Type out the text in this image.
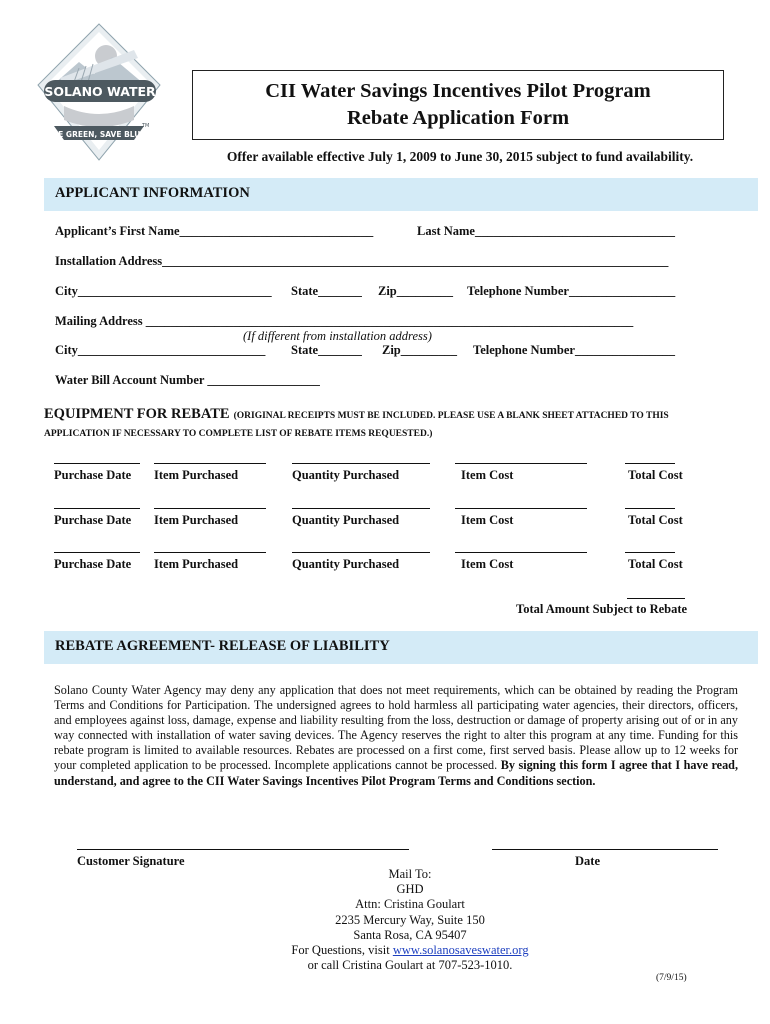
SOLANO WATER
BE GREEN, SAVE BLUE
TM
CII Water Savings Incentives Pilot Program
Rebate Application Form
Offer available effective July 1, 2009 to June 30, 2015 subject to fund availability.
APPLICANT INFORMATION
Applicant’s First Name_______________________________	Last Name________________________________
Installation Address_________________________________________________________________________________
City_______________________________ State_______ Zip_________ Telephone Number_________________
Mailing Address ______________________________________________________________________________
(If different from installation address)
City______________________________ State_______ Zip_________ Telephone Number________________
Water Bill Account Number __________________
EQUIPMENT FOR REBATE (ORIGINAL RECEIPTS MUST BE INCLUDED. PLEASE USE A BLANK SHEET ATTACHED TO THIS
APPLICATION IF NECESSARY TO COMPLETE LIST OF REBATE ITEMS REQUESTED.)
Purchase Date Item Purchased	Quantity Purchased	Item Cost	Total Cost
Purchase Date Item Purchased	Quantity Purchased	Item Cost	Total Cost
Purchase Date Item Purchased	Quantity Purchased	Item Cost	Total Cost
Total Amount Subject to Rebate
REBATE AGREEMENT- RELEASE OF LIABILITY
Solano County Water Agency may deny any application that does not meet requirements, which can be obtained by reading the Program Terms and Conditions for Participation. The undersigned agrees to hold harmless all participating water agencies, their directors, officers, and employees against loss, damage, expense and liability resulting from the loss, destruction or damage of property arising out of or in any way connected with installation of water saving devices. The Agency reserves the right to alter this program at any time. Funding for this rebate program is limited to available resources. Rebates are processed on a first come, first served basis. Please allow up to 12 weeks for your completed application to be processed. Incomplete applications cannot be processed. By signing this form I agree that I have read, understand, and agree to the CII Water Savings Incentives Pilot Program Terms and Conditions section.
Customer Signature	Date
Mail To:
GHD
Attn: Cristina Goulart
2235 Mercury Way, Suite 150
Santa Rosa, CA 95407
For Questions, visit www.solanosaveswater.org
or call Cristina Goulart at 707-523-1010.
(7/9/15)
